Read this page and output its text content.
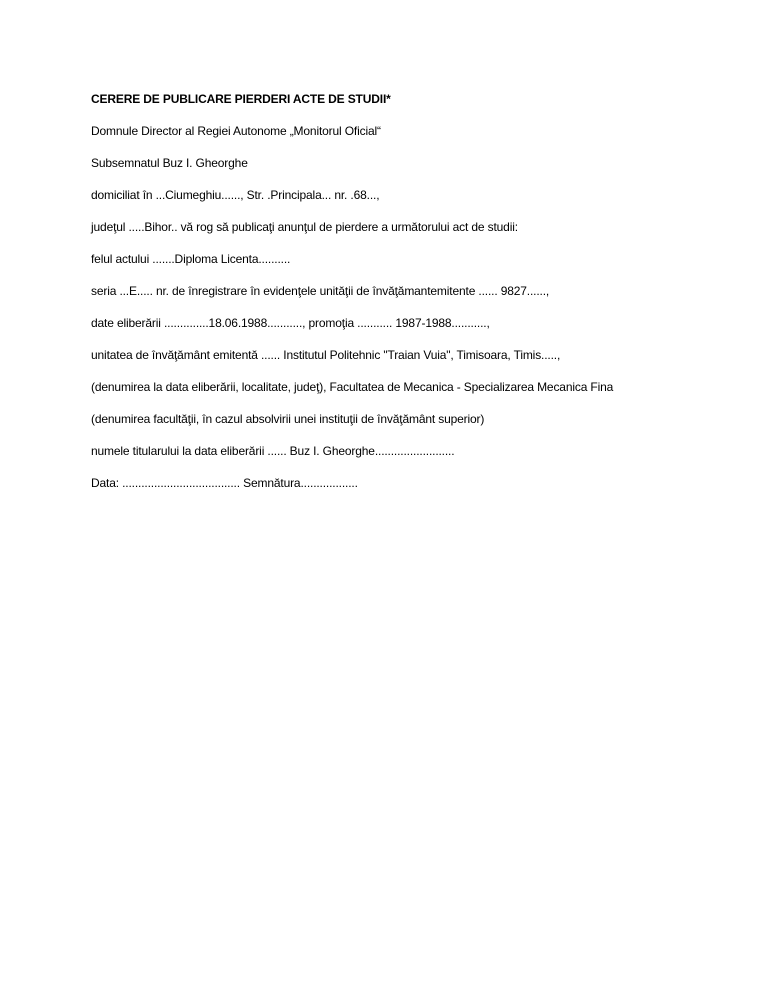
CERERE DE PUBLICARE PIERDERI ACTE DE STUDII*
Domnule Director al Regiei Autonome „Monitorul Oficial“
Subsemnatul Buz I. Gheorghe
domiciliat în ...Ciumeghiu......, Str. .Principala... nr. .68...,
judeţul .....Bihor.. vă rog să publicaţi anunţul de pierdere a următorului act de studii:
felul actului .......Diploma Licenta..........
seria ...E..... nr. de înregistrare în evidenţele unităţii de învăţămantemitente ...... 9827......,
date eliberării ..............18.06.1988..........., promoţia ........... 1987-1988...........,
unitatea de învăţământ emitentă ...... Institutul Politehnic "Traian Vuia", Timisoara, Timis.....,
(denumirea la data eliberării, localitate, judeţ), Facultatea de Mecanica - Specializarea Mecanica Fina
(denumirea facultăţii, în cazul absolvirii unei instituţii de învăţământ superior)
numele titularului la data eliberării ...... Buz I. Gheorghe.........................
Data: ..................................... Semnătura..................
